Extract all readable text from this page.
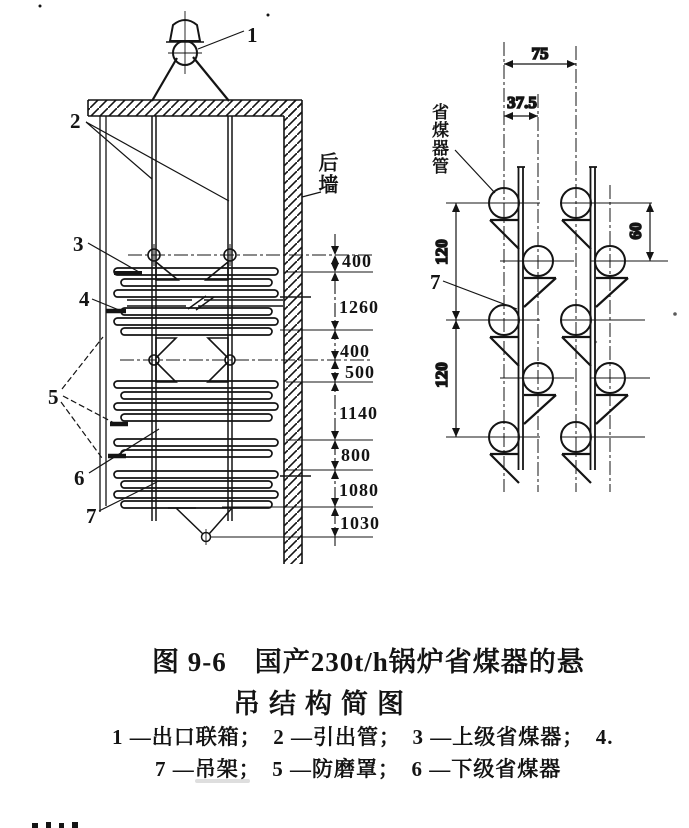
400
1260
400
500
1140
800
1080
1030
1
2
3
4
5
6
7
75
37.5
120
120
60
7
后墙	省煤器管
图 9-6　国产230t/h锅炉省煤器的悬
吊结构简图
1 —出口联箱；　2 —引出管；　3 —上级省煤器；　4.
7 —吊架；　5 —防磨罩；　6 —下级省煤器
